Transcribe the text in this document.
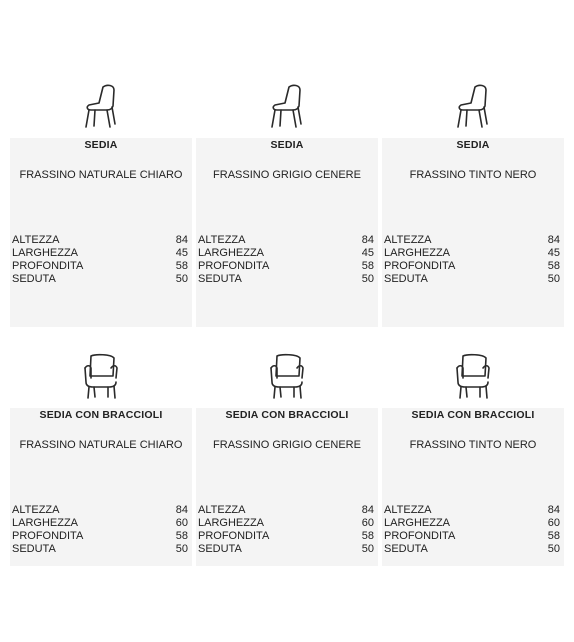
SEDIA
FRASSINO NATURALE CHIARO
ALTEZZA	84
LARGHEZZA	45
PROFONDITA	58
SEDUTA	50
SEDIA
FRASSINO GRIGIO CENERE
ALTEZZA	84
LARGHEZZA	45
PROFONDITA	58
SEDUTA	50
SEDIA
FRASSINO TINTO NERO
ALTEZZA	84
LARGHEZZA	45
PROFONDITA	58
SEDUTA	50
SEDIA CON BRACCIOLI
FRASSINO NATURALE CHIARO
ALTEZZA	84
LARGHEZZA	60
PROFONDITA	58
SEDUTA	50
SEDIA CON BRACCIOLI
FRASSINO GRIGIO CENERE
ALTEZZA	84
LARGHEZZA	60
PROFONDITA	58
SEDUTA	50
SEDIA CON BRACCIOLI
FRASSINO TINTO NERO
ALTEZZA	84
LARGHEZZA	60
PROFONDITA	58
SEDUTA	50
